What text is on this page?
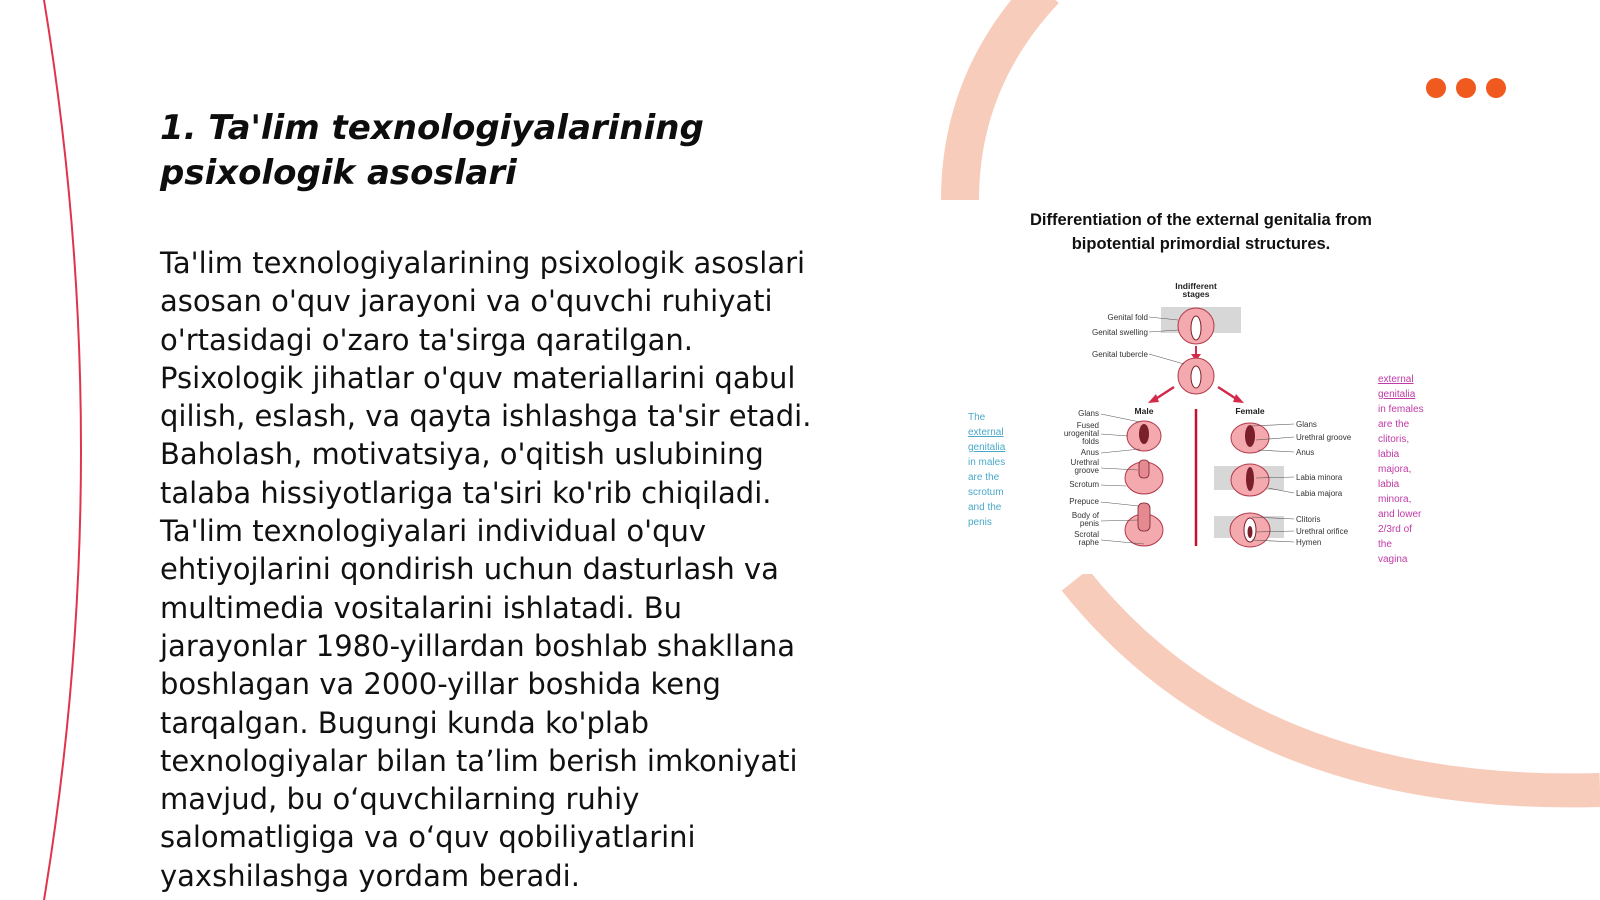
1. Ta'lim texnologiyalarining
psixologik asoslari
Ta'lim texnologiyalarining psixologik asoslari
asosan o'quv jarayoni va o'quvchi ruhiyati
o'rtasidagi o'zaro ta'sirga qaratilgan.
Psixologik jihatlar o'quv materiallarini qabul
qilish, eslash, va qayta ishlashga ta'sir etadi.
Baholash, motivatsiya, o'qitish uslubining
talaba hissiyotlariga ta'siri ko'rib chiqiladi.
Ta'lim texnologiyalari individual o'quv
ehtiyojlarini qondirish uchun dasturlash va
multimedia vositalarini ishlatadi. Bu
jarayonlar 1980-yillardan boshlab shakllana
boshlagan va 2000-yillar boshida keng
tarqalgan. Bugungi kunda ko'plab
texnologiyalar bilan ta’lim berish imkoniyati
mavjud, bu o‘quvchilarning ruhiy
salomatligiga va o‘quv qobiliyatlarini
yaxshilashga yordam beradi.
Differentiation of the external genitalia from
bipotential primordial structures.
Indifferent
stages
Genital fold
Genital swelling
Genital tubercle
Male	Female
Glans
Fused
urogenital
folds
Anus
Urethral
groove
Scrotum
Prepuce
Body of
penis
Scrotal
raphe
Glans
Urethral groove
Anus
Labia minora
Labia majora
Clitoris
Urethral orifice
Hymen
The
external
genitalia
in males
are the
scrotum
and the
penis
external
genitalia
in females
are the
clitoris,
labia
majora,
labia
minora,
and lower
2/3rd of
the
vagina
